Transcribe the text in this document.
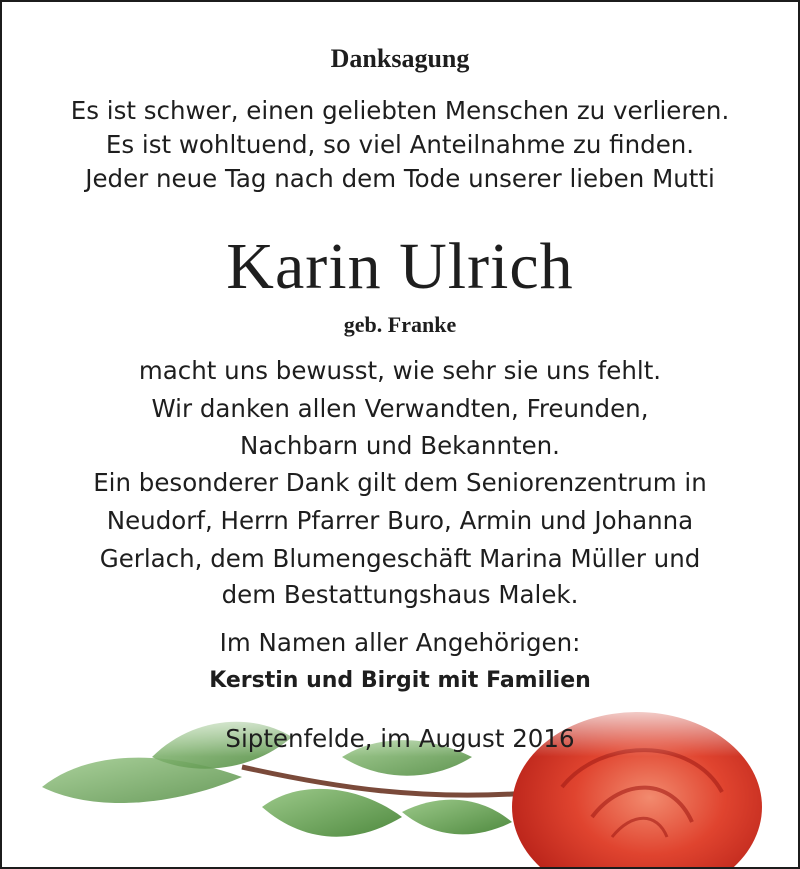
Danksagung
Es ist schwer, einen geliebten Menschen zu verlieren.
Es ist wohltuend, so viel Anteilnahme zu finden.
Jeder neue Tag nach dem Tode unserer lieben Mutti
Karin Ulrich
geb. Franke
macht uns bewusst, wie sehr sie uns fehlt.
Wir danken allen Verwandten, Freunden,
Nachbarn und Bekannten.
Ein besonderer Dank gilt dem Seniorenzentrum in
Neudorf, Herrn Pfarrer Buro, Armin und Johanna
Gerlach, dem Blumengeschäft Marina Müller und
dem Bestattungshaus Malek.
Im Namen aller Angehörigen:
Kerstin und Birgit mit Familien
Siptenfelde, im August 2016
